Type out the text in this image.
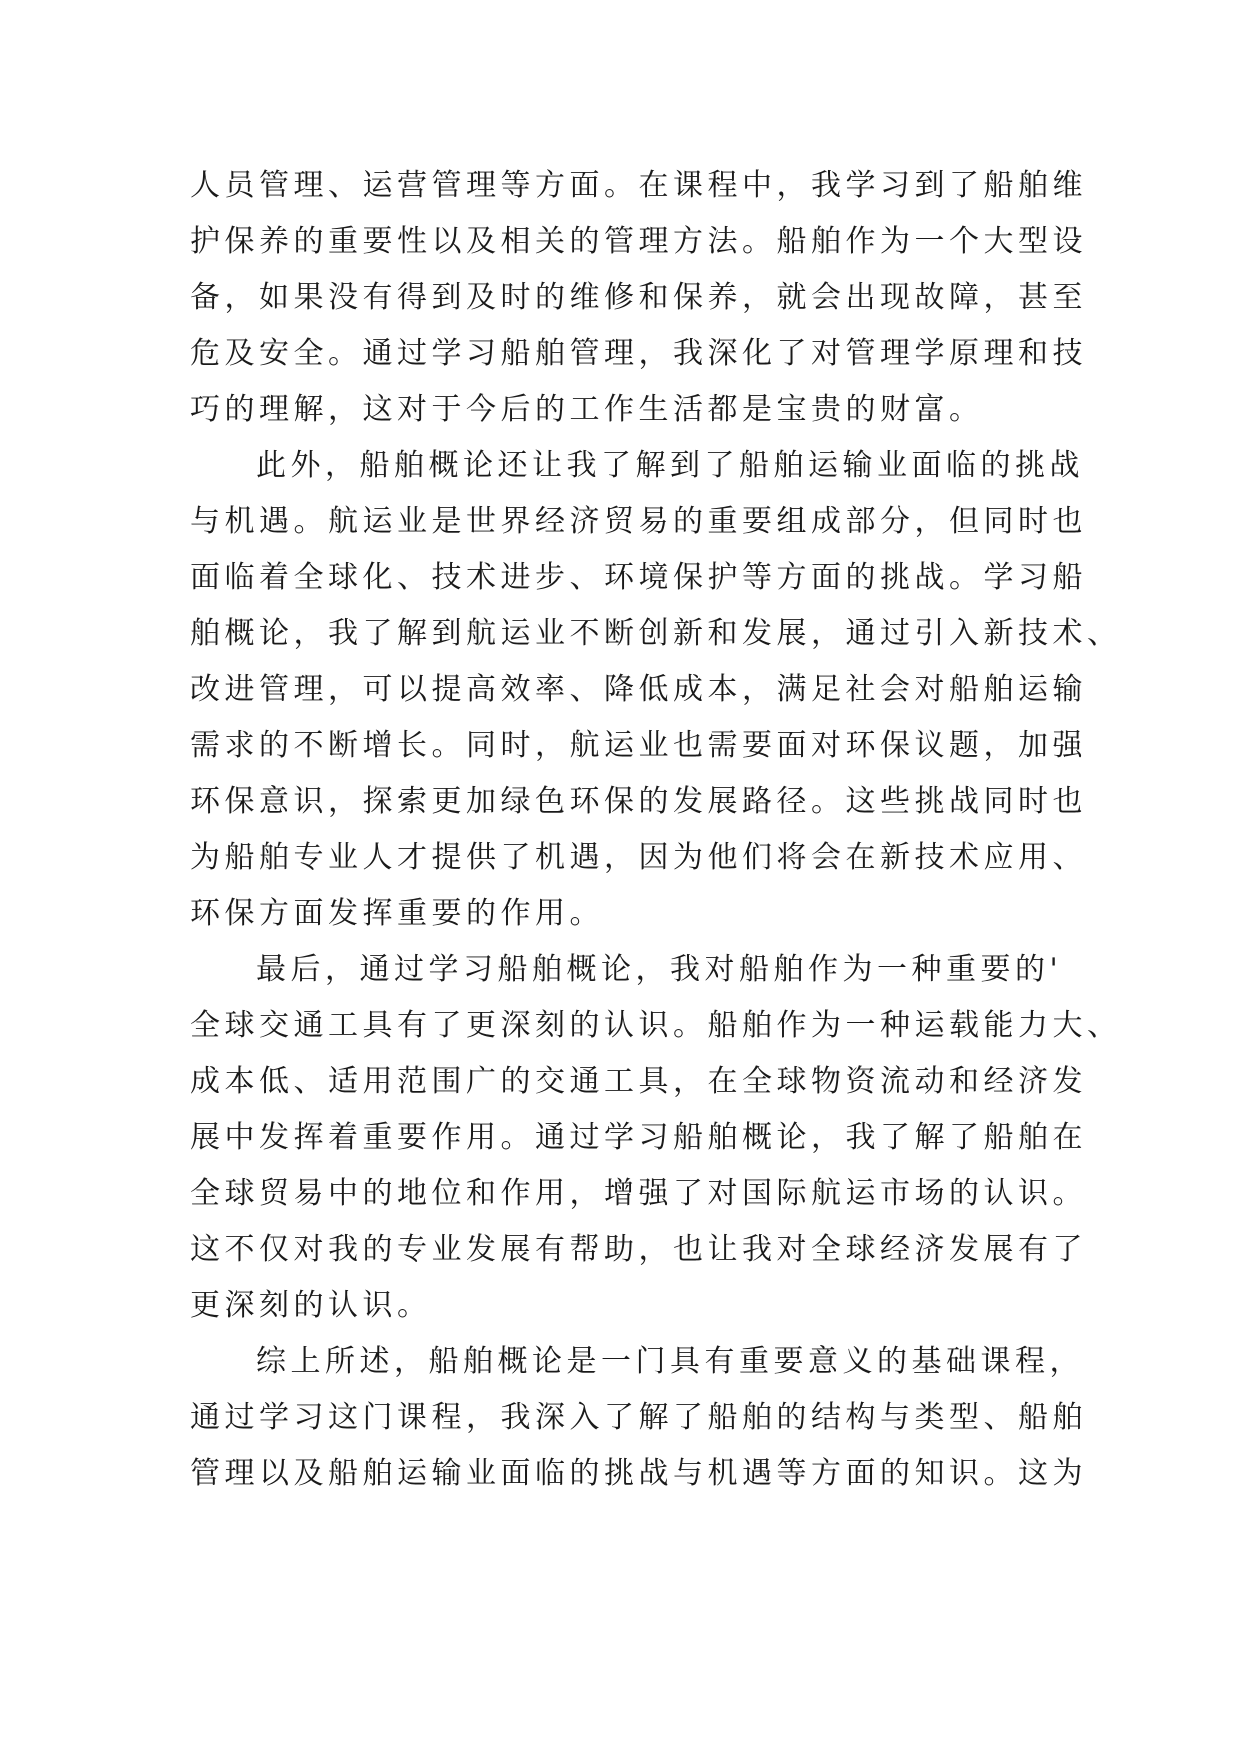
人员管理、运营管理等方面。在课程中，我学习到了船舶维
护保养的重要性以及相关的管理方法。船舶作为一个大型设
备，如果没有得到及时的维修和保养，就会出现故障，甚至
危及安全。通过学习船舶管理，我深化了对管理学原理和技
巧的理解，这对于今后的工作生活都是宝贵的财富。
此外，船舶概论还让我了解到了船舶运输业面临的挑战
与机遇。航运业是世界经济贸易的重要组成部分，但同时也
面临着全球化、技术进步、环境保护等方面的挑战。学习船
舶概论，我了解到航运业不断创新和发展，通过引入新技术、
改进管理，可以提高效率、降低成本，满足社会对船舶运输
需求的不断增长。同时，航运业也需要面对环保议题，加强
环保意识，探索更加绿色环保的发展路径。这些挑战同时也
为船舶专业人才提供了机遇，因为他们将会在新技术应用、
环保方面发挥重要的作用。
最后，通过学习船舶概论，我对船舶作为一种重要的'
全球交通工具有了更深刻的认识。船舶作为一种运载能力大、
成本低、适用范围广的交通工具，在全球物资流动和经济发
展中发挥着重要作用。通过学习船舶概论，我了解了船舶在
全球贸易中的地位和作用，增强了对国际航运市场的认识。
这不仅对我的专业发展有帮助，也让我对全球经济发展有了
更深刻的认识。
综上所述，船舶概论是一门具有重要意义的基础课程，
通过学习这门课程，我深入了解了船舶的结构与类型、船舶
管理以及船舶运输业面临的挑战与机遇等方面的知识。这为
